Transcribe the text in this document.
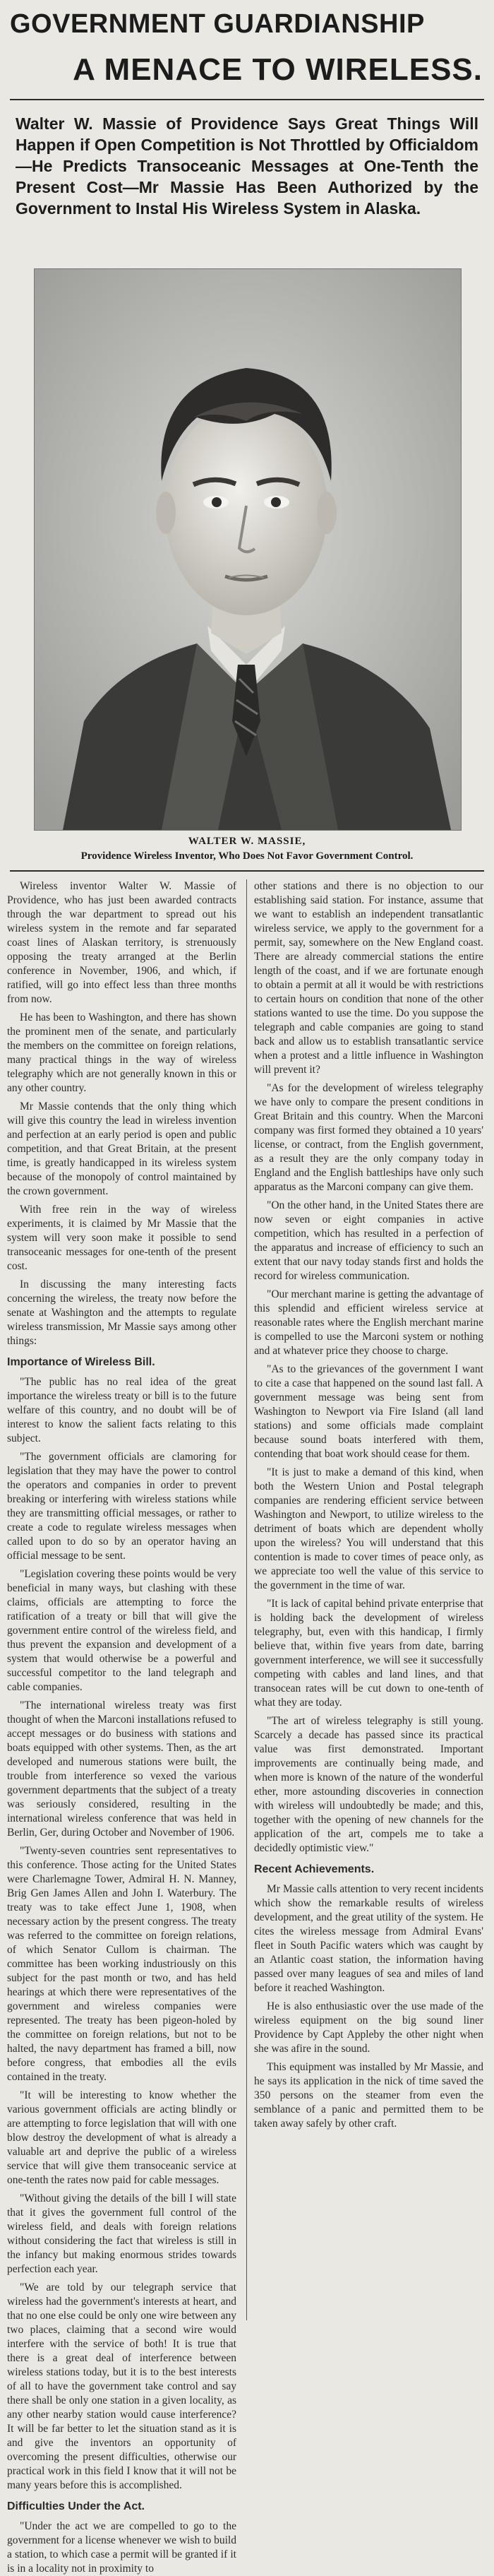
GOVERNMENT GUARDIANSHIP
A MENACE TO WIRELESS.
Walter W. Massie of Providence Says Great Things Will Happen if Open Competition is Not Throttled by Officialdom—He Predicts Transoceanic Messages at One-Tenth the Present Cost—Mr Massie Has Been Authorized by the Government to Instal His Wireless System in Alaska.
WALTER W. MASSIE,
Providence Wireless Inventor, Who Does Not Favor Government Control.

Wireless inventor Walter W. Massie of Providence, who has just been awarded contracts through the war department to spread out his wireless system in the remote and far separated coast lines of Alaskan territory, is strenuously opposing the treaty arranged at the Berlin conference in November, 1906, and which, if ratified, will go into effect less than three months from now.

He has been to Washington, and there has shown the prominent men of the senate, and particularly the members on the committee on foreign relations, many practical things in the way of wireless telegraphy which are not generally known in this or any other country.

Mr Massie contends that the only thing which will give this country the lead in wireless invention and perfection at an early period is open and public competition, and that Great Britain, at the present time, is greatly handicapped in its wireless system because of the monopoly of control maintained by the crown government.

With free rein in the way of wireless experiments, it is claimed by Mr Massie that the system will very soon make it possible to send transoceanic messages for one-tenth of the present cost.

In discussing the many interesting facts concerning the wireless, the treaty now before the senate at Washington and the attempts to regulate wireless transmission, Mr Massie says among other things:

Importance of Wireless Bill.

"The public has no real idea of the great importance the wireless treaty or bill is to the future welfare of this country, and no doubt will be of interest to know the salient facts relating to this subject.

"The government officials are clamoring for legislation that they may have the power to control the operators and companies in order to prevent breaking or interfering with wireless stations while they are transmitting official messages, or rather to create a code to regulate wireless messages when called upon to do so by an operator having an official message to be sent.

"Legislation covering these points would be very beneficial in many ways, but clashing with these claims, officials are attempting to force the ratification of a treaty or bill that will give the government entire control of the wireless field, and thus prevent the expansion and development of a system that would otherwise be a powerful and successful competitor to the land telegraph and cable companies.

"The international wireless treaty was first thought of when the Marconi installations refused to accept messages or do business with stations and boats equipped with other systems. Then, as the art developed and numerous stations were built, the trouble from interference so vexed the various government departments that the subject of a treaty was seriously considered, resulting in the international wireless conference that was held in Berlin, Ger, during October and November of 1906.

"Twenty-seven countries sent representatives to this conference. Those acting for the United States were Charlemagne Tower, Admiral H. N. Manney, Brig Gen James Allen and John I. Waterbury. The treaty was to take effect June 1, 1908, when necessary action by the present congress. The treaty was referred to the committee on foreign relations, of which Senator Cullom is chairman. The committee has been working industriously on this subject for the past month or two, and has held hearings at which there were representatives of the government and wireless companies were represented. The treaty has been pigeon-holed by the committee on foreign relations, but not to be halted, the navy department has framed a bill, now before congress, that embodies all the evils contained in the treaty.

"It will be interesting to know whether the various government officials are acting blindly or are attempting to force legislation that will with one blow destroy the development of what is already a valuable art and deprive the public of a wireless service that will give them transoceanic service at one-tenth the rates now paid for cable messages.

"Without giving the details of the bill I will state that it gives the government full control of the wireless field, and deals with foreign relations without considering the fact that wireless is still in the infancy but making enormous strides towards perfection each year.

"We are told by our telegraph service that wireless had the government's interests at heart, and that no one else could be only one wire between any two places, claiming that a second wire would interfere with the service of both! It is true that there is a great deal of interference between wireless stations today, but it is to the best interests of all to have the government take control and say there shall be only one station in a given locality, as any other nearby station would cause interference? It will be far better to let the situation stand as it is and give the inventors an opportunity of overcoming the present difficulties, otherwise our practical work in this field I know that it will not be many years before this is accomplished.

Difficulties Under the Act.

"Under the act we are compelled to go to the government for a license whenever we wish to build a station, to which case a permit will be granted if it is in a locality not in proximity to

other stations and there is no objection to our establishing said station. For instance, assume that we want to establish an independent transatlantic wireless service, we apply to the government for a permit, say, somewhere on the New England coast. There are already commercial stations the entire length of the coast, and if we are fortunate enough to obtain a permit at all it would be with restrictions to certain hours on condition that none of the other stations wanted to use the time. Do you suppose the telegraph and cable companies are going to stand back and allow us to establish transatlantic service when a protest and a little influence in Washington will prevent it?

"As for the development of wireless telegraphy we have only to compare the present conditions in Great Britain and this country. When the Marconi company was first formed they obtained a 10 years' license, or contract, from the English government, as a result they are the only company today in England and the English battleships have only such apparatus as the Marconi company can give them.

"On the other hand, in the United States there are now seven or eight companies in active competition, which has resulted in a perfection of the apparatus and increase of efficiency to such an extent that our navy today stands first and holds the record for wireless communication.

"Our merchant marine is getting the advantage of this splendid and efficient wireless service at reasonable rates where the English merchant marine is compelled to use the Marconi system or nothing and at whatever price they choose to charge.

"As to the grievances of the government I want to cite a case that happened on the sound last fall. A government message was being sent from Washington to Newport via Fire Island (all land stations) and some officials made complaint because sound boats interfered with them, contending that boat work should cease for them.

"It is just to make a demand of this kind, when both the Western Union and Postal telegraph companies are rendering efficient service between Washington and Newport, to utilize wireless to the detriment of boats which are dependent wholly upon the wireless? You will understand that this contention is made to cover times of peace only, as we appreciate too well the value of this service to the government in the time of war.

"It is lack of capital behind private enterprise that is holding back the development of wireless telegraphy, but, even with this handicap, I firmly believe that, within five years from date, barring government interference, we will see it successfully competing with cables and land lines, and that transocean rates will be cut down to one-tenth of what they are today.

"The art of wireless telegraphy is still young. Scarcely a decade has passed since its practical value was first demonstrated. Important improvements are continually being made, and when more is known of the nature of the wonderful ether, more astounding discoveries in connection with wireless will undoubtedly be made; and this, together with the opening of new channels for the application of the art, compels me to take a decidedly optimistic view."

Recent Achievements.

Mr Massie calls attention to very recent incidents which show the remarkable results of wireless development, and the great utility of the system. He cites the wireless message from Admiral Evans' fleet in South Pacific waters which was caught by an Atlantic coast station, the information having passed over many leagues of sea and miles of land before it reached Washington.

He is also enthusiastic over the use made of the wireless equipment on the big sound liner Providence by Capt Appleby the other night when she was afire in the sound.

This equipment was installed by Mr Massie, and he says its application in the nick of time saved the 350 persons on the steamer from even the semblance of a panic and permitted them to be taken away safely by other craft.
